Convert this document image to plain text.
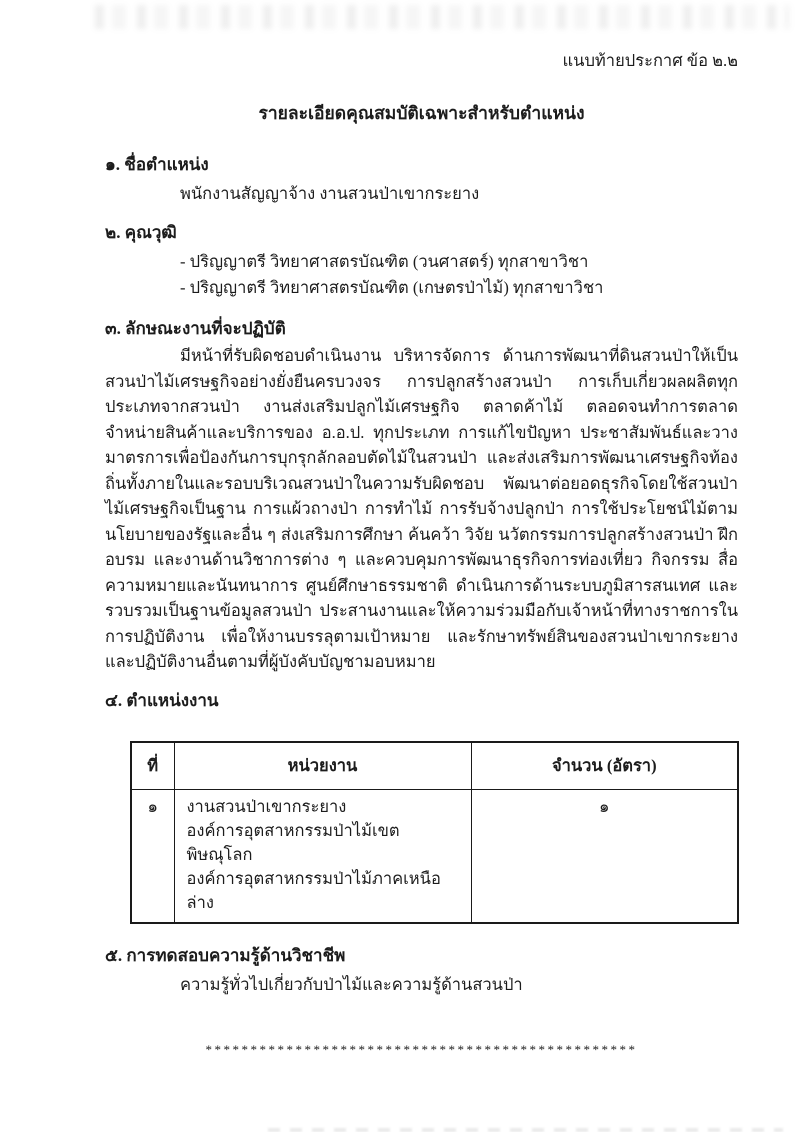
แนบท้ายประกาศ ข้อ ๒.๒
รายละเอียดคุณสมบัติเฉพาะสำหรับตำแหน่ง
๑. ชื่อตำแหน่ง
พนักงานสัญญาจ้าง งานสวนป่าเขากระยาง
๒. คุณวุฒิ
- ปริญญาตรี วิทยาศาสตรบัณฑิต (วนศาสตร์) ทุกสาขาวิชา
- ปริญญาตรี วิทยาศาสตรบัณฑิต (เกษตรป่าไม้) ทุกสาขาวิชา
๓. ลักษณะงานที่จะปฏิบัติ
มีหน้าที่รับผิดชอบดำเนินงาน บริหารจัดการ ด้านการพัฒนาที่ดินสวนป่าให้เป็นสวนป่าไม้เศรษฐกิจอย่างยั่งยืนครบวงจร การปลูกสร้างสวนป่า การเก็บเกี่ยวผลผลิตทุกประเภทจากสวนป่า งานส่งเสริมปลูกไม้เศรษฐกิจ ตลาดค้าไม้ ตลอดจนทำการตลาด จำหน่ายสินค้าและบริการของ อ.อ.ป. ทุกประเภท การแก้ไขปัญหา ประชาสัมพันธ์และวางมาตรการเพื่อป้องกันการบุกรุกลักลอบตัดไม้ในสวนป่า และส่งเสริมการพัฒนาเศรษฐกิจท้องถิ่นทั้งภายในและรอบบริเวณสวนป่าในความรับผิดชอบ พัฒนาต่อยอดธุรกิจโดยใช้สวนป่าไม้เศรษฐกิจเป็นฐาน การแผ้วถางป่า การทำไม้ การรับจ้างปลูกป่า การใช้ประโยชน์ไม้ตามนโยบายของรัฐและอื่น ๆ ส่งเสริมการศึกษา ค้นคว้า วิจัย นวัตกรรมการปลูกสร้างสวนป่า ฝึกอบรม และงานด้านวิชาการต่าง ๆ และควบคุมการพัฒนาธุรกิจการท่องเที่ยว กิจกรรม สื่อความหมายและนันทนาการ ศูนย์ศึกษาธรรมชาติ ดำเนินการด้านระบบภูมิสารสนเทศ และรวบรวมเป็นฐานข้อมูลสวนป่า ประสานงานและให้ความร่วมมือกับเจ้าหน้าที่ทางราชการในการปฏิบัติงาน เพื่อให้งานบรรลุตามเป้าหมาย และรักษาทรัพย์สินของสวนป่าเขากระยาง และปฏิบัติงานอื่นตามที่ผู้บังคับบัญชามอบหมาย
๔. ตำแหน่งงาน
ที่	หน่วยงาน	จำนวน (อัตรา)
๑	งานสวนป่าเขากระยาง
องค์การอุตสาหกรรมป่าไม้เขตพิษณุโลก
องค์การอุตสาหกรรมป่าไม้ภาคเหนือล่าง	๑
๕. การทดสอบความรู้ด้านวิชาชีพ
ความรู้ทั่วไปเกี่ยวกับป่าไม้และความรู้ด้านสวนป่า
************************************************
